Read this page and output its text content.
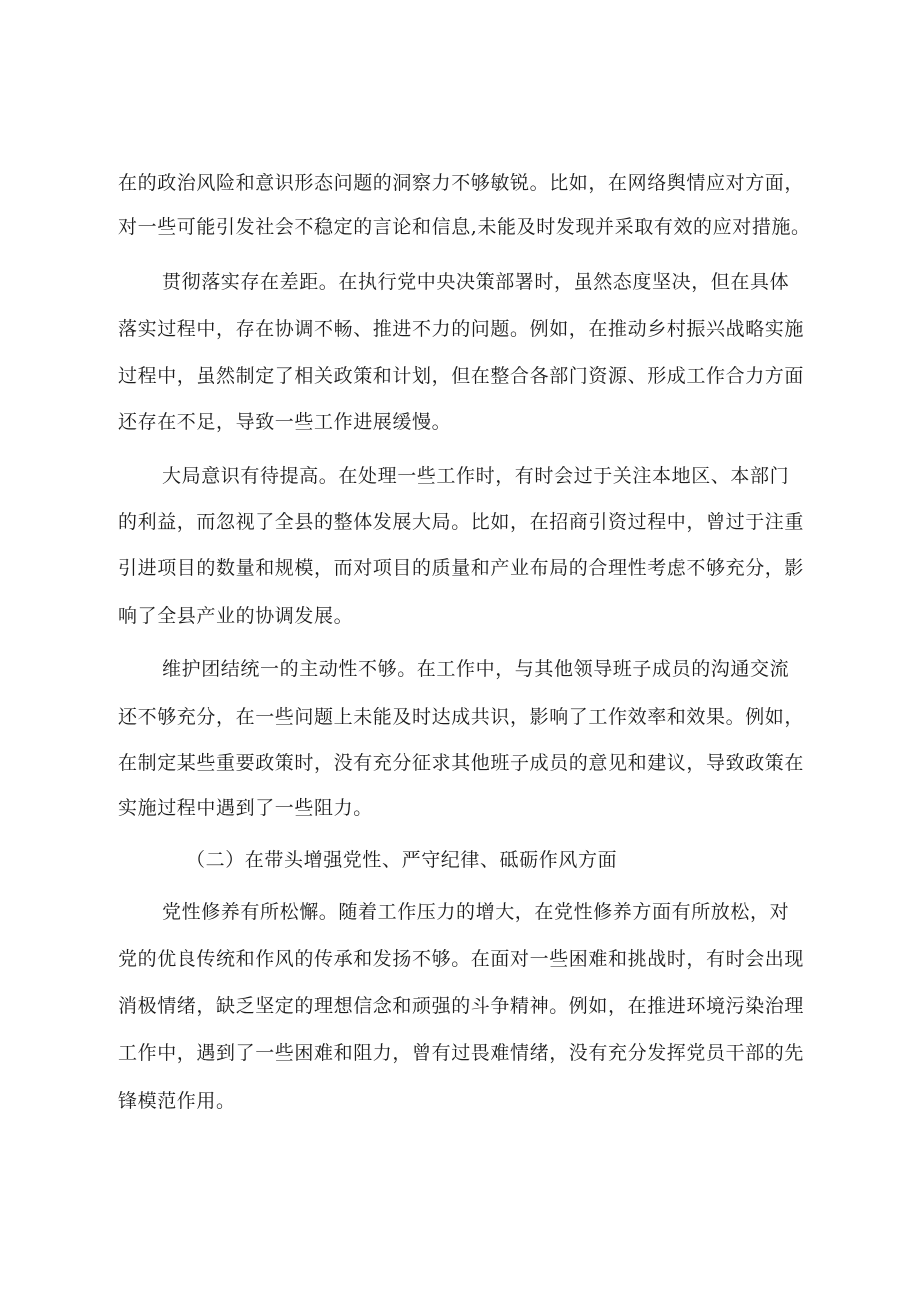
在的政治风险和意识形态问题的洞察力不够敏锐。比如，在网络舆情应对方面，
对一些可能引发社会不稳定的言论和信息,未能及时发现并采取有效的应对措施。
贯彻落实存在差距。在执行党中央决策部署时，虽然态度坚决，但在具体
落实过程中，存在协调不畅、推进不力的问题。例如，在推动乡村振兴战略实施
过程中，虽然制定了相关政策和计划，但在整合各部门资源、形成工作合力方面
还存在不足，导致一些工作进展缓慢。
大局意识有待提高。在处理一些工作时，有时会过于关注本地区、本部门
的利益，而忽视了全县的整体发展大局。比如，在招商引资过程中，曾过于注重
引进项目的数量和规模，而对项目的质量和产业布局的合理性考虑不够充分，影
响了全县产业的协调发展。
维护团结统一的主动性不够。在工作中，与其他领导班子成员的沟通交流
还不够充分，在一些问题上未能及时达成共识，影响了工作效率和效果。例如，
在制定某些重要政策时，没有充分征求其他班子成员的意见和建议，导致政策在
实施过程中遇到了一些阻力。
（二）在带头增强党性、严守纪律、砥砺作风方面
党性修养有所松懈。随着工作压力的增大，在党性修养方面有所放松，对
党的优良传统和作风的传承和发扬不够。在面对一些困难和挑战时，有时会出现
消极情绪，缺乏坚定的理想信念和顽强的斗争精神。例如，在推进环境污染治理
工作中，遇到了一些困难和阻力，曾有过畏难情绪，没有充分发挥党员干部的先
锋模范作用。
